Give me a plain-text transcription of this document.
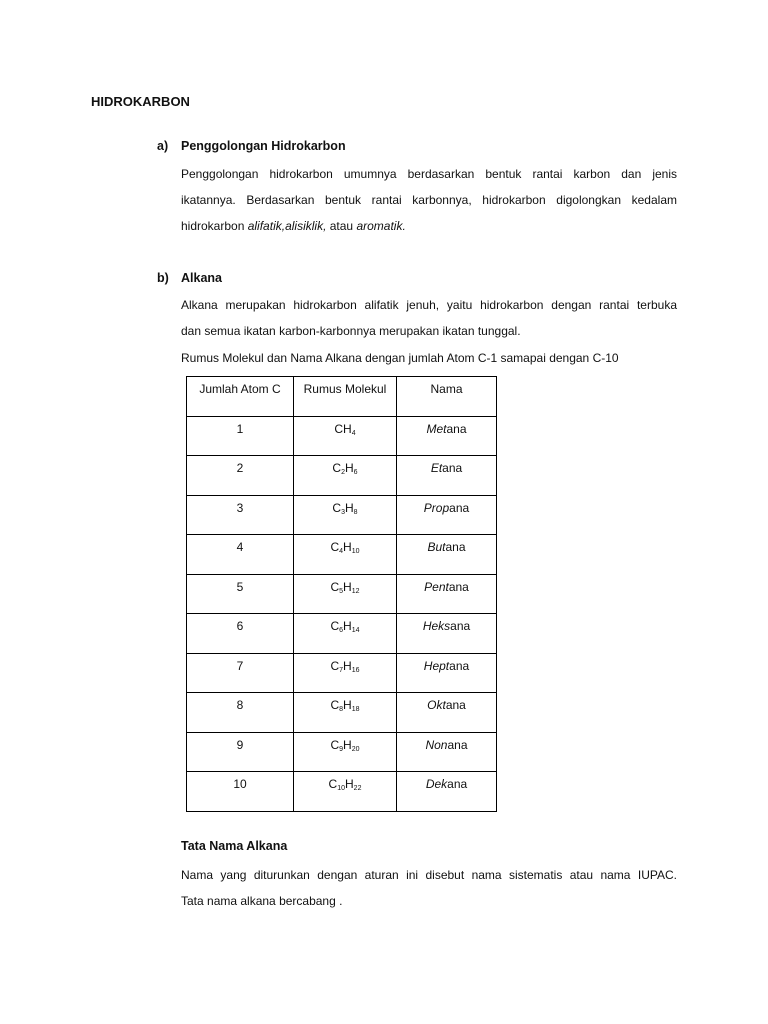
HIDROKARBON
a) Penggolongan Hidrokarbon

Penggolongan hidrokarbon umumnya berdasarkan bentuk rantai karbon dan jenis
ikatannya. Berdasarkan bentuk rantai karbonnya, hidrokarbon digolongkan kedalam
hidrokarbon alifatik,alisiklik, atau aromatik.

b) Alkana

Alkana merupakan hidrokarbon alifatik jenuh, yaitu hidrokarbon dengan rantai terbuka
dan semua ikatan karbon-karbonnya merupakan ikatan tunggal.

Rumus Molekul dan Nama Alkana dengan jumlah Atom C-1 samapai dengan C-10

Jumlah Atom C	Rumus Molekul	Nama

1	$CH_4$	Metana

2	$C_2H_6$	Etana

3	$C_3H_8$	Propana

4	$C_4H_{10}$	Butana

5	$C_5H_{12}$	Pentana

6	$C_6H_{14}$	Heksana

7	$C_7H_{16}$	Heptana

8	$C_8H_{18}$	Oktana

9	$C_9H_{20}$	Nonana

10	$C_{10}H_{22}$	Dekana
Tata Nama Alkana

Nama yang diturunkan dengan aturan ini disebut nama sistematis atau nama IUPAC.
Tata nama alkana bercabang .
